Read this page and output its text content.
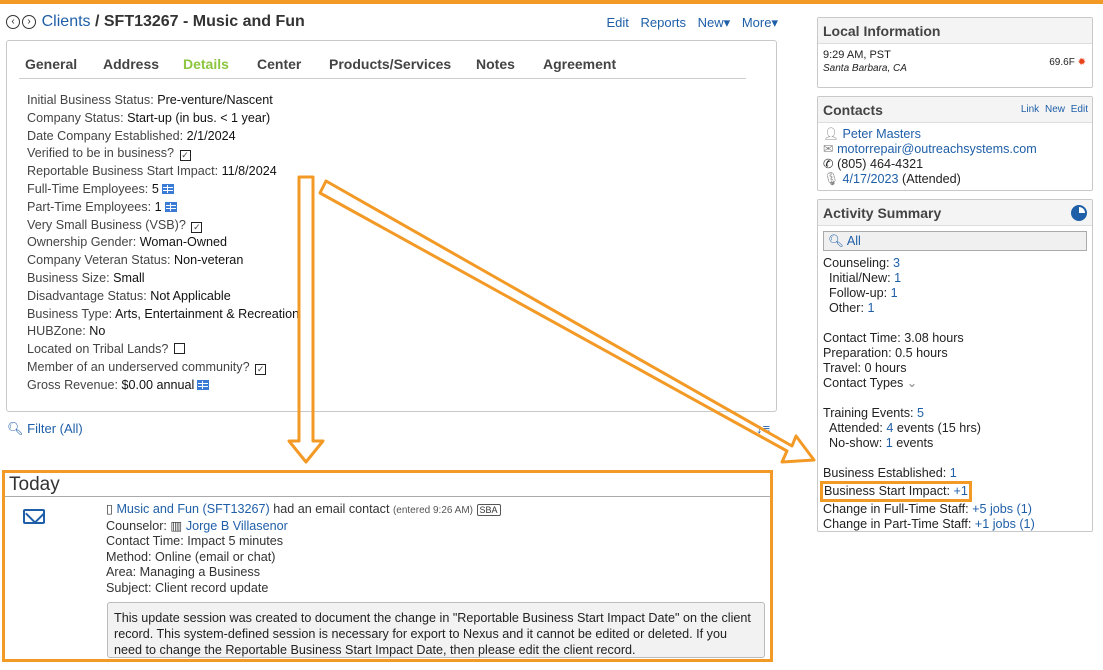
‹ › Clients / SFT13267 - Music and Fun	Edit Reports New▾ More▾
General Address Details Center Products/Services Notes Agreement
Initial Business Status: Pre-venture/Nascent
Company Status: Start-up (in bus. < 1 year)
Date Company Established: 2/1/2024
Verified to be in business? ✓
Reportable Business Start Impact: 11/8/2024
Full-Time Employees: 5
Part-Time Employees: 1
Very Small Business (VSB)? ✓
Ownership Gender: Woman-Owned
Company Veteran Status: Non-veteran
Business Size: Small
Disadvantage Status: Not Applicable
Business Type: Arts, Entertainment & Recreation
HUBZone: No
Located on Tribal Lands?
Member of an underserved community? ✓
Gross Revenue: $0.00 annual
🔍︎ Filter (All)	↕≡
Today
▯ Music and Fun (SFT13267) had an email contact (entered 9:26 AM) SBA
Counselor: ▥ Jorge B Villasenor
Contact Time: Impact 5 minutes
Method: Online (email or chat)
Area: Managing a Business
Subject: Client record update
This update session was created to document the change in "Reportable Business Start Impact Date" on the client record. This system-defined session is necessary for export to Nexus and it cannot be edited or deleted. If you need to change the Reportable Business Start Impact Date, then please edit the client record.
Local Information
9:29 AM, PST
Santa Barbara, CA
69.6F ✹
Contacts	Link New Edit
👤︎ Peter Masters
✉ motorrepair@outreachsystems.com
✆ (805) 464-4321
🎙︎ 4/17/2023 (Attended)
Activity Summary
🔍︎ All
Counseling: 3
Initial/New: 1
Follow-up: 1
Other: 1
Contact Time: 3.08 hours
Preparation: 0.5 hours
Travel: 0 hours
Contact Types ⌄
Training Events: 5
Attended: 4 events (15 hrs)
No-show: 1 events
Business Established: 1
Business Start Impact: +1
Change in Full-Time Staff: +5 jobs (1)
Change in Part-Time Staff: +1 jobs (1)
